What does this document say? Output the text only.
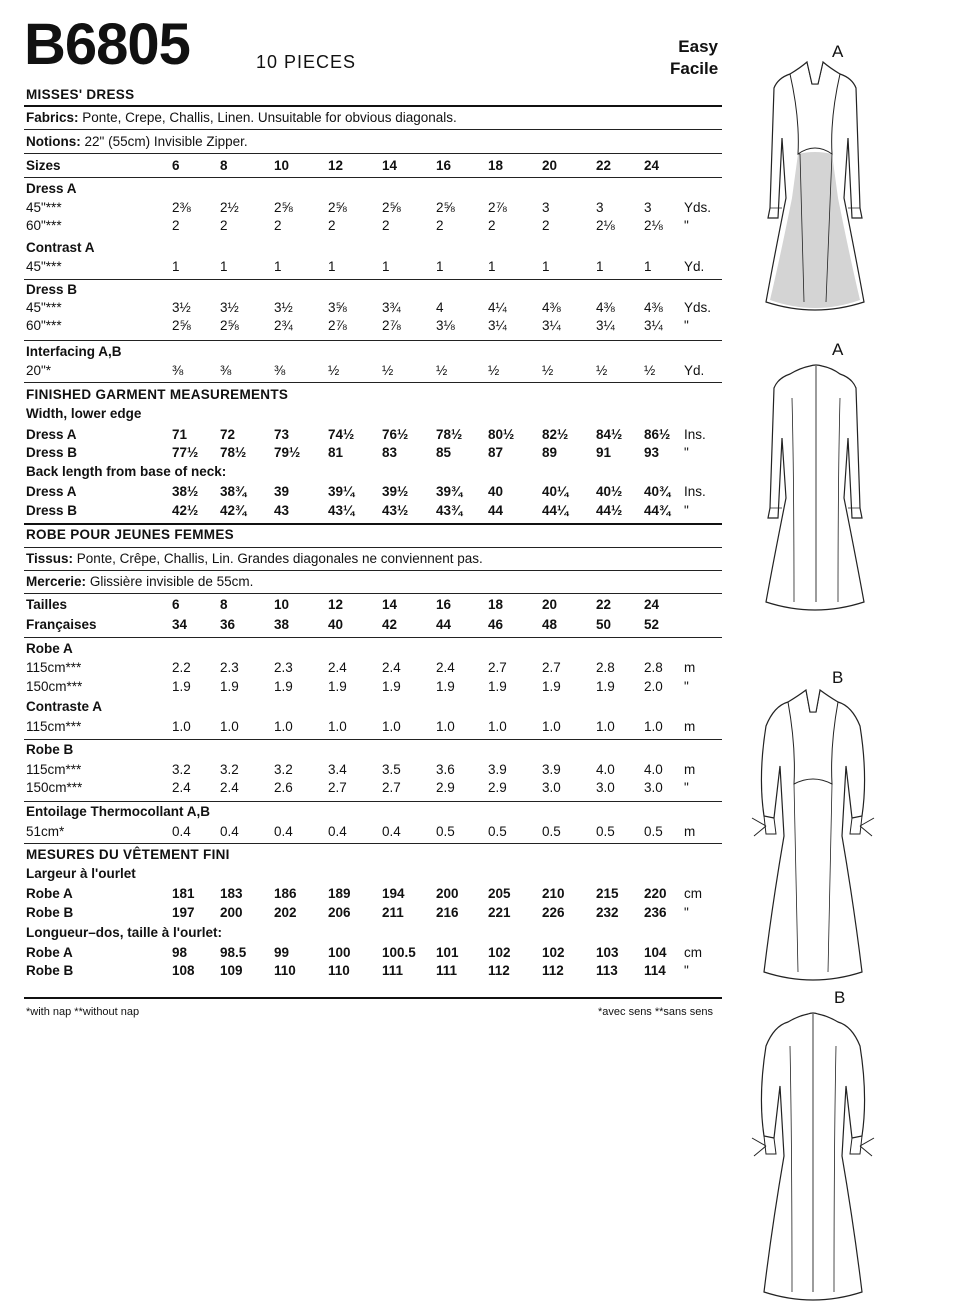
B6805	10 PIECES
Easy
Facile
MISSES' DRESS
Fabrics: Ponte, Crepe, Challis, Linen. Unsuitable for obvious diagonals.
Notions: 22" (55cm) Invisible Zipper.
Sizes	6	8	10	12	14	16	18	20	22	24
Dress A
45"***	2⅜	2½	2⅝	2⅝	2⅝	2⅝	2⅞	3	3	3	Yds.
60"***	2	2	2	2	2	2	2	2	2⅛	2⅛	"
Contrast A
45"***	1	1	1	1	1	1	1	1	1	1	Yd.
Dress B
45"***	3½	3½	3½	3⅝	3¾	4	4¼	4⅜	4⅜	4⅜	Yds.
60"***	2⅝	2⅝	2¾	2⅞	2⅞	3⅛	3¼	3¼	3¼	3¼	"
Interfacing A,B
20"*	⅜	⅜	⅜	½	½	½	½	½	½	½	Yd.
FINISHED GARMENT MEASUREMENTS
Width, lower edge
Dress A	71	72	73	74½	76½	78½	80½	82½	84½	86½	Ins.
Dress B	77½	78½	79½	81	83	85	87	89	91	93	"
Back length from base of neck:
Dress A	38½	38¾	39	39¼	39½	39¾	40	40¼	40½	40¾	Ins.
Dress B	42½	42¾	43	43¼	43½	43¾	44	44¼	44½	44¾	"
ROBE POUR JEUNES FEMMES
Tissus: Ponte, Crêpe, Challis, Lin. Grandes diagonales ne conviennent pas.
Mercerie: Glissière invisible de 55cm.
Tailles	6	8	10	12	14	16	18	20	22	24
Françaises	34	36	38	40	42	44	46	48	50	52
Robe A
115cm***	2.2	2.3	2.3	2.4	2.4	2.4	2.7	2.7	2.8	2.8	m
150cm***	1.9	1.9	1.9	1.9	1.9	1.9	1.9	1.9	1.9	2.0	"
Contraste A
115cm***	1.0	1.0	1.0	1.0	1.0	1.0	1.0	1.0	1.0	1.0	m
Robe B
115cm***	3.2	3.2	3.2	3.4	3.5	3.6	3.9	3.9	4.0	4.0	m
150cm***	2.4	2.4	2.6	2.7	2.7	2.9	2.9	3.0	3.0	3.0	"
Entoilage Thermocollant A,B
51cm*	0.4	0.4	0.4	0.4	0.4	0.5	0.5	0.5	0.5	0.5	m
MESURES DU VÊTEMENT FINI
Largeur à l'ourlet
Robe A	181	183	186	189	194	200	205	210	215	220	cm
Robe B	197	200	202	206	211	216	221	226	232	236	"
Longueur–dos, taille à l'ourlet:
Robe A	98	98.5	99	100	100.5	101	102	102	103	104	cm
Robe B	108	109	110	110	111	111	112	112	113	114	"
*with nap **without nap	*avec sens **sans sens
A
A
B
B
